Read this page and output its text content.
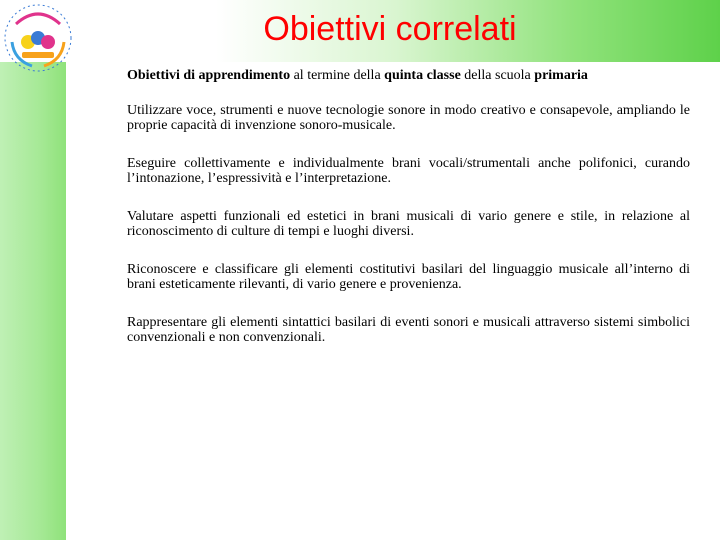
Obiettivi correlati

Obiettivi di apprendimento al termine della quinta classe della scuola primaria

Utilizzare voce, strumenti e nuove tecnologie sonore in modo creativo e consapevole, ampliando le proprie capacità di invenzione sonoro-musicale.

Eseguire collettivamente e individualmente brani vocali/strumentali anche polifonici, curando l’intonazione, l’espressività e l’interpretazione.

Valutare aspetti funzionali ed estetici in brani musicali di vario genere e stile, in relazione al riconoscimento di culture di tempi e luoghi diversi.

Riconoscere e classificare gli elementi costitutivi basilari del linguaggio musicale all’interno di brani esteticamente rilevanti, di vario genere e provenienza.

Rappresentare gli elementi sintattici basilari di eventi sonori e musicali attraverso sistemi simbolici convenzionali e non convenzionali.
